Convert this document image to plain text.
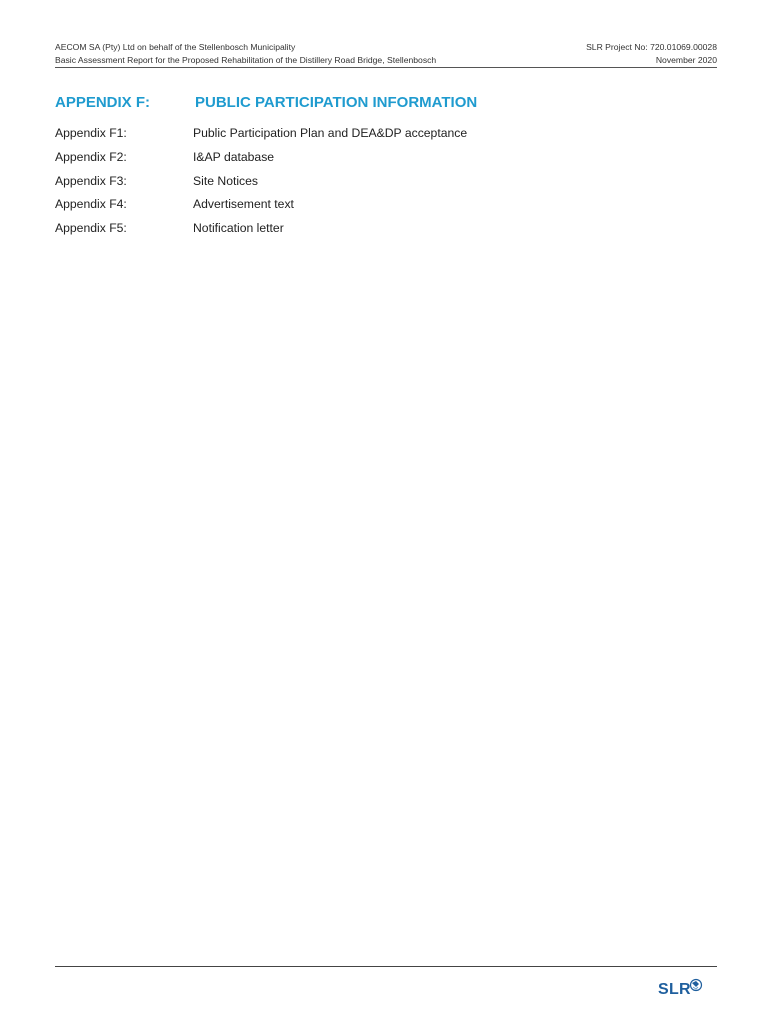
AECOM SA (Pty) Ltd on behalf of the Stellenbosch Municipality
Basic Assessment Report for the Proposed Rehabilitation of the Distillery Road Bridge, Stellenbosch
SLR Project No: 720.01069.00028
November 2020
APPENDIX F:	PUBLIC PARTICIPATION INFORMATION
Appendix F1:	Public Participation Plan and DEA&DP acceptance
Appendix F2:	I&AP database
Appendix F3:	Site Notices
Appendix F4:	Advertisement text
Appendix F5:	Notification letter
SLR
